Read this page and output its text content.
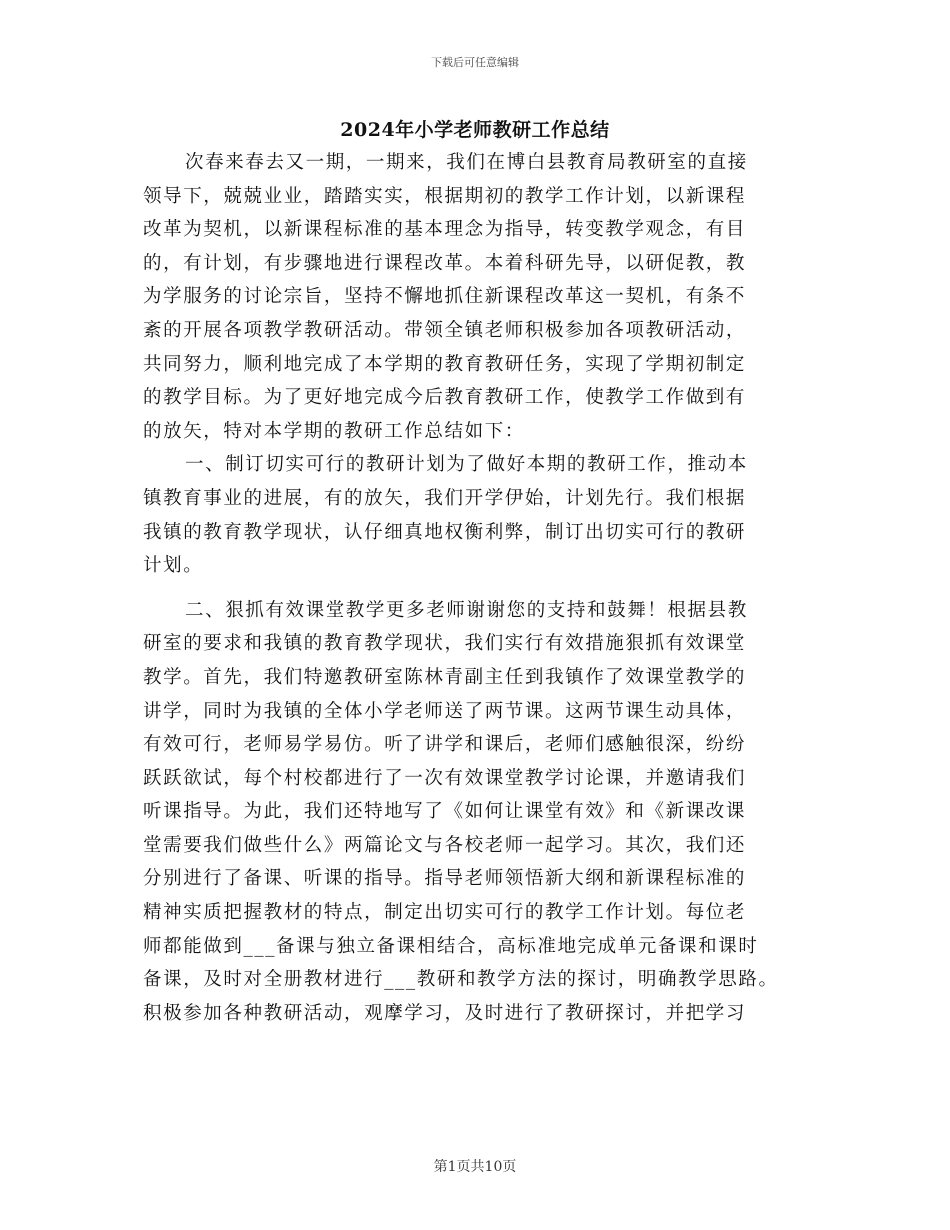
下载后可任意编辑
2024年小学老师教研工作总结
次春来春去又一期，一期来，我们在博白县教育局教研室的直接
领导下，兢兢业业，踏踏实实，根据期初的教学工作计划，以新课程
改革为契机，以新课程标准的基本理念为指导，转变教学观念，有目
的，有计划，有步骤地进行课程改革。本着科研先导，以研促教，教
为学服务的讨论宗旨，坚持不懈地抓住新课程改革这一契机，有条不
紊的开展各项教学教研活动。带领全镇老师积极参加各项教研活动，
共同努力，顺利地完成了本学期的教育教研任务，实现了学期初制定
的教学目标。为了更好地完成今后教育教研工作，使教学工作做到有
的放矢，特对本学期的教研工作总结如下：
一、制订切实可行的教研计划为了做好本期的教研工作，推动本
镇教育事业的进展，有的放矢，我们开学伊始，计划先行。我们根据
我镇的教育教学现状，认仔细真地权衡利弊，制订出切实可行的教研
计划。
二、狠抓有效课堂教学更多老师谢谢您的支持和鼓舞！根据县教
研室的要求和我镇的教育教学现状，我们实行有效措施狠抓有效课堂
教学。首先，我们特邀教研室陈林青副主任到我镇作了效课堂教学的
讲学，同时为我镇的全体小学老师送了两节课。这两节课生动具体，
有效可行，老师易学易仿。听了讲学和课后，老师们感触很深，纷纷
跃跃欲试，每个村校都进行了一次有效课堂教学讨论课，并邀请我们
听课指导。为此，我们还特地写了《如何让课堂有效》和《新课改课
堂需要我们做些什么》两篇论文与各校老师一起学习。其次，我们还
分别进行了备课、听课的指导。指导老师领悟新大纲和新课程标准的
精神实质把握教材的特点，制定出切实可行的教学工作计划。每位老
师都能做到___备课与独立备课相结合，高标准地完成单元备课和课时
备课，及时对全册教材进行___教研和教学方法的探讨，明确教学思路。
积极参加各种教研活动，观摩学习，及时进行了教研探讨，并把学习
第1页共10页
